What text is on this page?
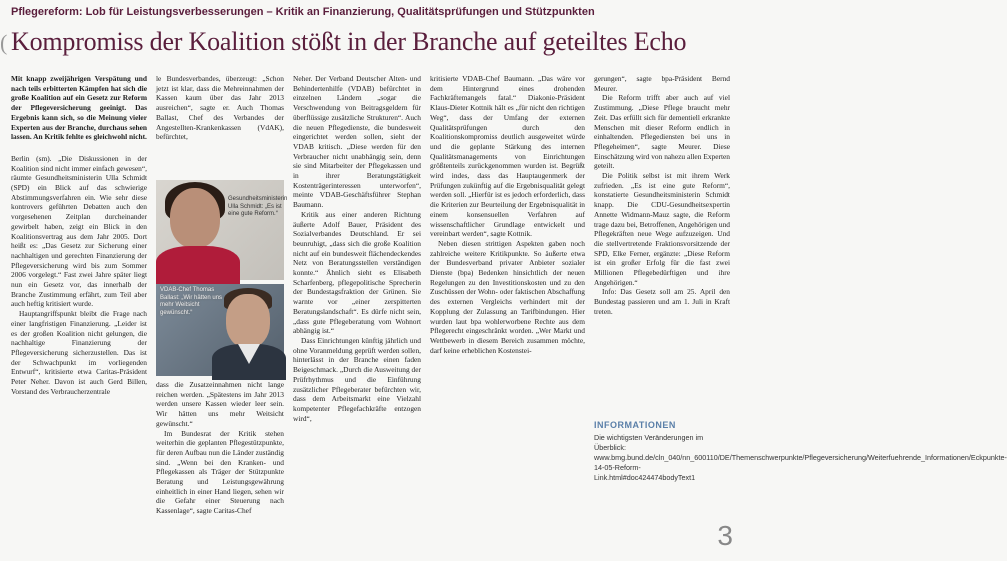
(
Pflegereform: Lob für Leistungsverbesserungen – Kritik an Finanzierung, Qualitätsprüfungen und Stützpunkten
Kompromiss der Koalition stößt in der Branche auf geteiltes Echo

Mit knapp zweijährigen Verspätung und nach teils erbitterten Kämpfen hat sich die große Koalition auf ein Gesetz zur Reform der Pflegeversicherung geeinigt. Das Ergebnis kann sich, so die Meinung vieler Experten aus der Branche, durchaus sehen lassen. An Kritik fehlte es gleichwohl nicht.

Berlin (sm). „Die Diskussionen in der Koalition sind nicht immer einfach gewesen“, räumte Gesundheitsministerin Ulla Schmidt (SPD) ein Blick auf das schwierige Abstimmungsverfahren ein. Wie sehr diese kontrovers geführten Debatten auch den vorgesehenen Zeitplan durcheinander gewirbelt haben, zeigt ein Blick in den Koalitionsvertrag aus dem Jahr 2005. Dort heißt es: „Das Gesetz zur Sicherung einer nachhaltigen und gerechten Finanzierung der Pflegeversicherung wird bis zum Sommer 2006 vorgelegt.“ Fast zwei Jahre später liegt nun ein Gesetz vor, das innerhalb der Branche Zustimmung erfährt, zum Teil aber auch heftig kritisiert wurde.

Hauptangriffspunkt bleibt die Frage nach einer langfristigen Finanzierung. „Leider ist es der großen Koalition nicht gelungen, die nachhaltige Finanzierung der Pflegeversicherung sicherzustellen. Das ist der Schwachpunkt im vorliegenden Entwurf“, kritisierte etwa Caritas-Präsident Peter Neher. Davon ist auch Gerd Billen, Vorstand des Verbraucherzentrale

le Bundesverbandes, überzeugt: „Schon jetzt ist klar, dass die Mehreinnahmen der Kassen kaum über das Jahr 2013 ausreichen“, sagte er. Auch Thomas Ballast, Chef des Verbandes der Angestellten-Krankenkassen (VdAK), befürchtet,

Gesundheitsministerin Ulla Schmidt: „Es ist eine gute Reform.“
VDAB-Chef Thomas Ballast: „Wir hätten uns mehr Weitsicht gewünscht.“

dass die Zusatzeinnahmen nicht lange reichen werden. „Spätestens im Jahr 2013 werden unsere Kassen wieder leer sein. Wir hätten uns mehr Weitsicht gewünscht.“

Im Bundesrat der Kritik stehen weiterhin die geplanten Pflegestützpunkte, für deren Aufbau nun die Länder zuständig sind. „Wenn bei den Kranken- und Pflegekassen als Träger der Stützpunkte Beratung und Leistungsgewährung einheitlich in einer Hand liegen, sehen wir die Gefahr einer Steuerung nach Kassenlage“, sagte Caritas-Chef

Neher. Der Verband Deutscher Alten- und Behindertenhilfe (VDAB) befürchtet in einzelnen Ländern „sogar die Verschwendung von Beitragsgeldern für überflüssige zusätzliche Strukturen“. Auch die neuen Pflegedienste, die bundesweit eingerichtet werden sollen, sieht der VDAB kritisch. „Diese werden für den Verbraucher nicht unabhängig sein, denn sie sind Mitarbeiter der Pflegekassen und in ihrer Beratungstätigkeit Kostenträgerinteressen unterworfen“, meinte VDAB-Geschäftsführer Stephan Baumann.

Kritik aus einer anderen Richtung äußerte Adolf Bauer, Präsident des Sozialverbandes Deutschland. Er sei beunruhigt, „dass sich die große Koalition nicht auf ein bundesweit flächendeckendes Netz von Beratungsstellen verständigen konnte.“ Ähnlich sieht es Elisabeth Scharfenberg, pflegepolitische Sprecherin der Bundestagsfraktion der Grünen. Sie warnte vor „einer zerspitterten Beratungslandschaft“. Es dürfe nicht sein, „dass gute Pflegeberatung vom Wohnort abhängig ist.“

Dass Einrichtungen künftig jährlich und ohne Voranmeldung geprüft werden sollen, hinterlässt in der Branche einen faden Beigeschmack. „Durch die Ausweitung der Prüfrhythmus und die Einführung zusätzlicher Pflegeberater befürchten wir, dass dem Arbeitsmarkt eine Vielzahl kompetenter Pflegefachkräfte entzogen wird“,

kritisierte VDAB-Chef Baumann. „Das wäre vor dem Hintergrund eines drohenden Fachkräftemangels fatal.“ Diakonie-Präsident Klaus-Dieter Kottnik hält es „für nicht den richtigen Weg“, dass der Umfang der externen Qualitätsprüfungen durch den Koalitionskompromiss deutlich ausgeweitet würde und die geplante Stärkung des internen Qualitätsmanagements von Einrichtungen größtenteils zurückgenommen wurden ist. Begrüßt wird indes, dass das Hauptaugenmerk der Prüfungen zukünftig auf die Ergebnisqualität gelegt werden soll. „Hierfür ist es jedoch erforderlich, dass die Kriterien zur Beurteilung der Ergebnisqualität in einem konsensuellen Verfahren auf wissenschaftlicher Grundlage entwickelt und vereinbart werden“, sagte Kottnik.

Neben diesen strittigen Aspekten gaben noch zahlreiche weitere Kritikpunkte. So äußerte etwa der Bundesverband privater Anbieter sozialer Dienste (bpa) Bedenken hinsichtlich der neuen Regelungen zu den Investitionskosten und zu den Zuschüssen der Wohn- oder faktischen Abschaffung des externen Vergleichs verhindert mit der Kopplung der Zulassung an Tarifbindungen. Hier wurden laut bpa wohlerworbene Rechte aus dem Pflegerecht eingeschränkt worden. „Wer Markt und Wettbewerb in diesem Bereich zusammen möchte, darf keine erheblichen Kostenstei-

gerungen“, sagte bpa-Präsident Bernd Meurer.

Die Reform trifft aber auch auf viel Zustimmung. „Diese Pflege braucht mehr Zeit. Das erfüllt sich für dementiell erkrankte Menschen mit dieser Reform endlich in einhaltenden. Pflegediensten bei uns in Pflegeheimen“, sagte Meurer. Diese Einschätzung wird von nahezu allen Experten geteilt.

Die Politik selbst ist mit ihrem Werk zufrieden. „Es ist eine gute Reform“, konstatierte Gesundheitsministerin Schmidt knapp. Die CDU-Gesundheitsexpertin Annette Widmann-Mauz sagte, die Reform trage dazu bei, Betroffenen, Angehörigen und Pflegekräften neue Wege aufzuzeigen. Und die stellvertretende Fraktionsvorsitzende der SPD, Elke Ferner, ergänzte: „Diese Reform ist ein großer Erfolg für die fast zwei Millionen Pflegebedürftigen und ihre Angehörigen.“

Info: Das Gesetz soll am 25. April den Bundestag passieren und am 1. Juli in Kraft treten.

INFORMATIONEN
Die wichtigsten Veränderungen im Überblick: www.bmg.bund.de/cln_040/nn_600110/DE/Themenschwerpunkte/Pflegeversicherung/Weiterfuehrende_Informationen/Eckpunkte-14-05-Reform-Link.html#doc424474bodyText1
3
